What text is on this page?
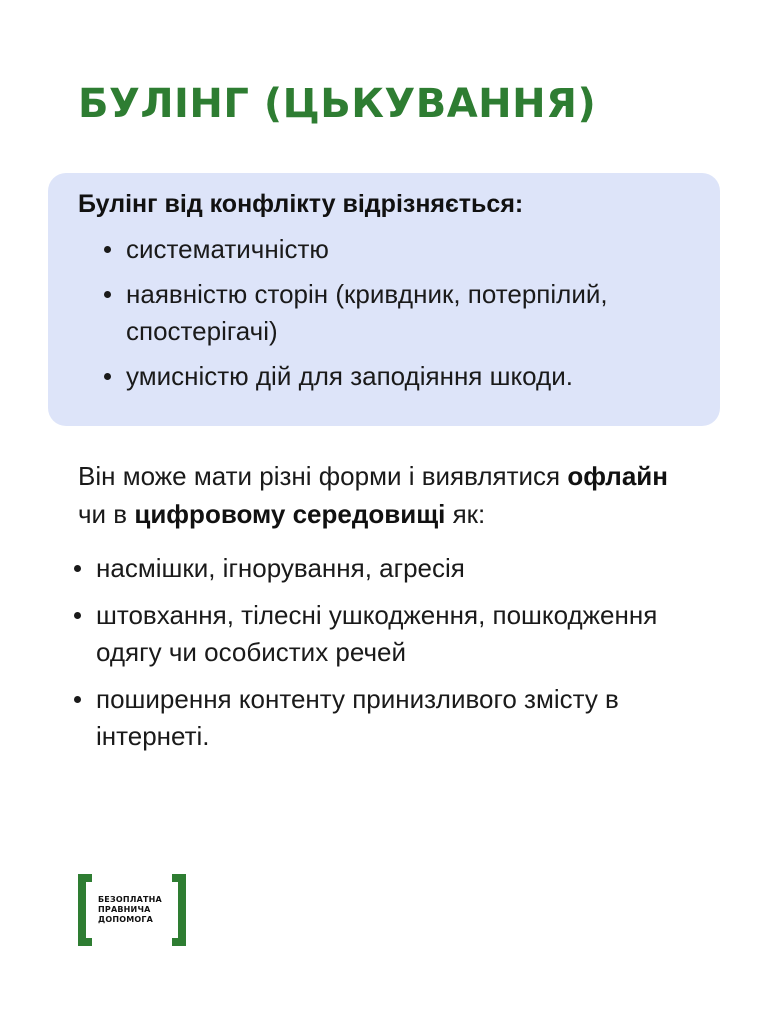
БУЛІНГ (ЦЬКУВАННЯ)

Булінг від конфлікту відрізняється:

систематичністю
наявністю сторін (кривдник, потерпілий, спостерігачі)
умисністю дій для заподіяння шкоди.

Він може мати різні форми і виявлятися офлайн чи в цифровому середовищі як:

насмішки, ігнорування, агресія
штовхання, тілесні ушкодження, пошкодження одягу чи особистих речей
поширення контенту принизливого змісту в інтернеті.
БЕЗОПЛАТНА
ПРАВНИЧА
ДОПОМОГА
